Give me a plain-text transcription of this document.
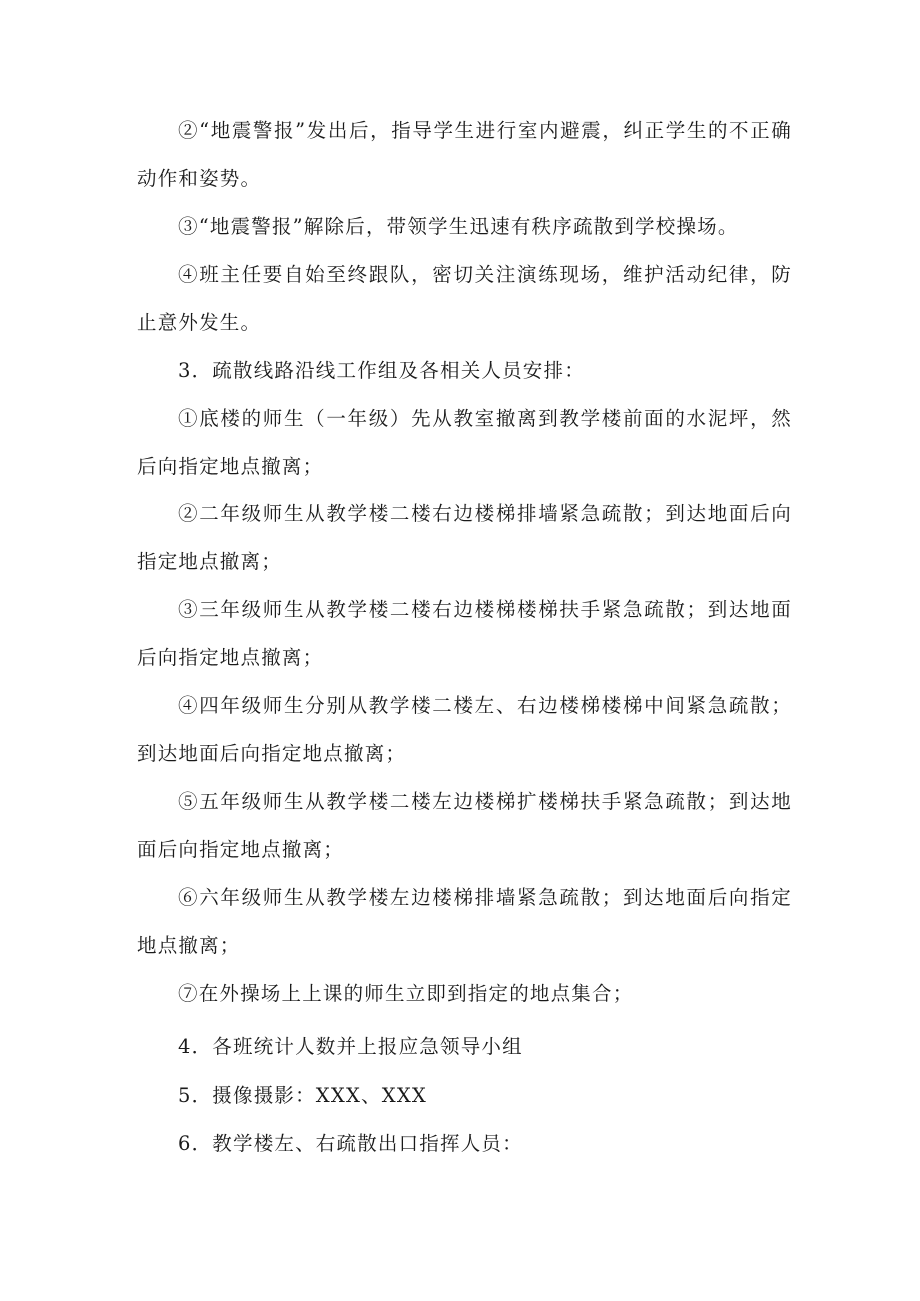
②“地震警报”发出后，指导学生进行室内避震，纠正学生的不正确动作和姿势。

③“地震警报”解除后，带领学生迅速有秩序疏散到学校操场。

④班主任要自始至终跟队，密切关注演练现场，维护活动纪律，防止意外发生。

3．疏散线路沿线工作组及各相关人员安排：

①底楼的师生（一年级）先从教室撤离到教学楼前面的水泥坪，然后向指定地点撤离；

②二年级师生从教学楼二楼右边楼梯排墙紧急疏散；到达地面后向指定地点撤离；

③三年级师生从教学楼二楼右边楼梯楼梯扶手紧急疏散；到达地面后向指定地点撤离；

④四年级师生分别从教学楼二楼左、右边楼梯楼梯中间紧急疏散；到达地面后向指定地点撤离；

⑤五年级师生从教学楼二楼左边楼梯扩楼梯扶手紧急疏散；到达地面后向指定地点撤离；

⑥六年级师生从教学楼左边楼梯排墙紧急疏散；到达地面后向指定地点撤离；

⑦在外操场上上课的师生立即到指定的地点集合；

4．各班统计人数并上报应急领导小组

5．摄像摄影：XXX、XXX

6．教学楼左、右疏散出口指挥人员：
